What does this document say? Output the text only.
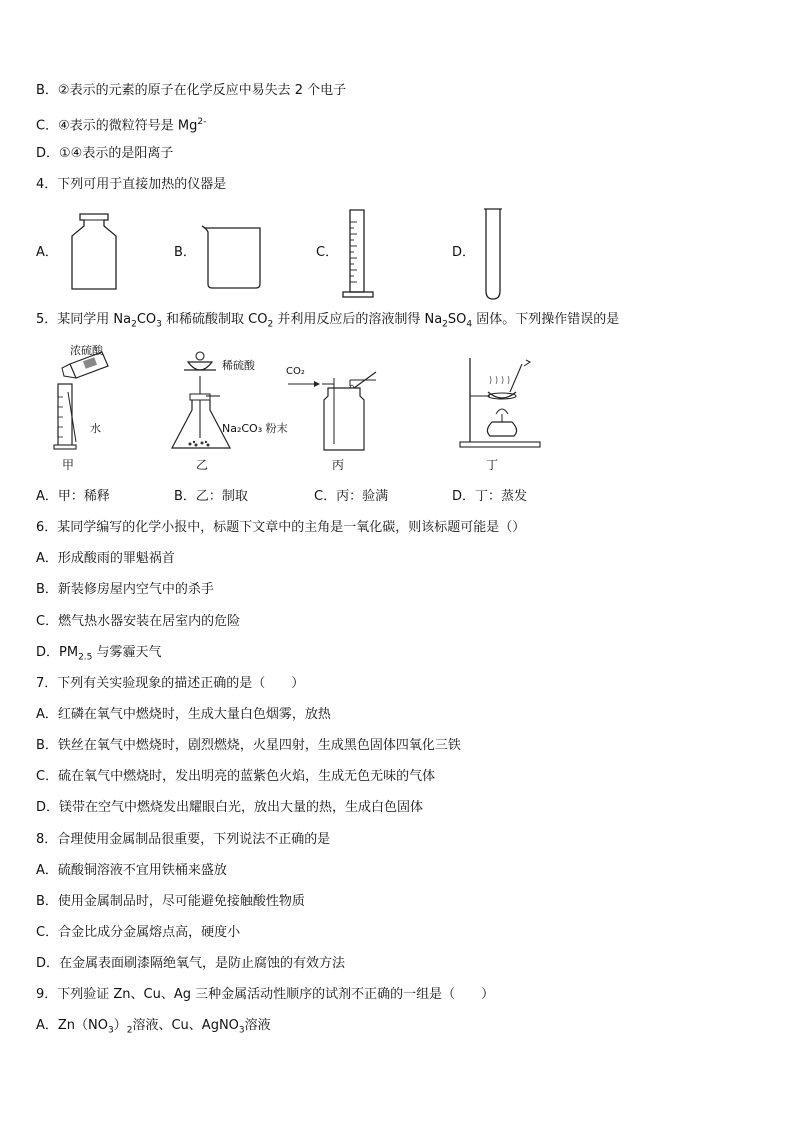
B．②表示的元素的原子在化学反应中易失去 2 个电子
C．④表示的微粒符号是 $Mg^{2-}$
D．①④表示的是阳离子
4．下列可用于直接加热的仪器是
A．	B．	C．	D．
5．某同学用 $Na_2CO_3$ 和稀硫酸制取 $CO_2$ 并利用反应后的溶液制得 $Na_2SO_4$ 固体。下列操作错误的是
浓硫酸
水
甲
稀硫酸
Na₂CO₃ 粉末
乙
CO₂
丙	丁
A．甲：稀释	B．乙：制取	C．丙：验满	D．丁：蒸发
6．某同学编写的化学小报中，标题下文章中的主角是一氧化碳，则该标题可能是（）
A．形成酸雨的罪魁祸首
B．新装修房屋内空气中的杀手
C．燃气热水器安装在居室内的危险
D．$PM_{2.5}$ 与雾霾天气
7．下列有关实验现象的描述正确的是（　　）
A．红磷在氧气中燃烧时，生成大量白色烟雾，放热
B．铁丝在氧气中燃烧时，剧烈燃烧，火星四射，生成黑色固体四氧化三铁
C．硫在氧气中燃烧时，发出明亮的蓝紫色火焰，生成无色无味的气体
D．镁带在空气中燃烧发出耀眼白光，放出大量的热，生成白色固体
8．合理使用金属制品很重要，下列说法不正确的是
A．硫酸铜溶液不宜用铁桶来盛放
B．使用金属制品时，尽可能避免接触酸性物质
C．合金比成分金属熔点高，硬度小
D．在金属表面刷漆隔绝氧气，是防止腐蚀的有效方法
9．下列验证 Zn、Cu、Ag 三种金属活动性顺序的试剂不正确的一组是（　　）
A．$Zn(NO_3)_2$溶液、Cu、AgNO$_3$溶液
